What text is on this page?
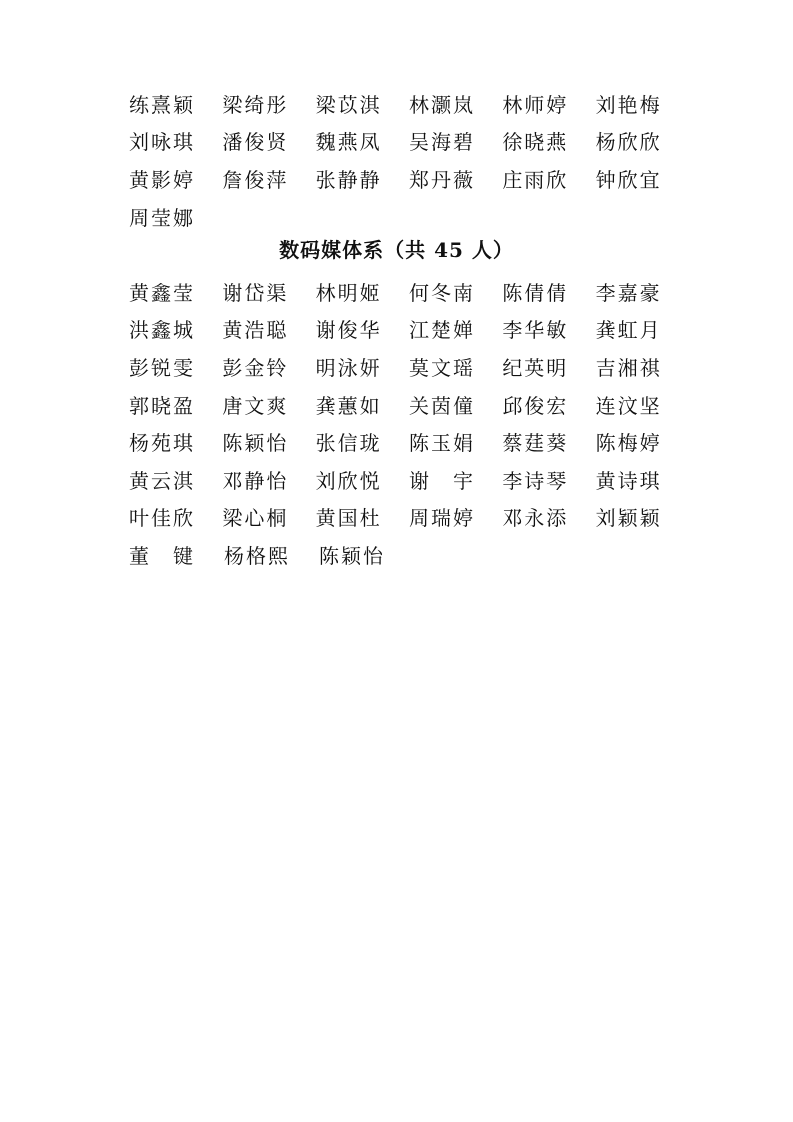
练熹颖	梁绮彤	梁苡淇	林灏岚	林师婷	刘艳梅
刘咏琪	潘俊贤	魏燕凤	吴海碧	徐晓燕	杨欣欣
黄影婷	詹俊萍	张静静	郑丹薇	庄雨欣	钟欣宜
周莹娜
数码媒体系（共 45 人）
黄鑫莹	谢岱渠	林明姬	何冬南	陈倩倩	李嘉豪
洪鑫城	黄浩聪	谢俊华	江楚婵	李华敏	龚虹月
彭锐雯	彭金铃	明泳妍	莫文瑶	纪英明	吉湘祺
郭晓盈	唐文爽	龚蕙如	关茵僮	邱俊宏	连汶坚
杨苑琪	陈颖怡	张信珑	陈玉娟	蔡莛葵	陈梅婷
黄云淇	邓静怡	刘欣悦	谢　宇	李诗琴	黄诗琪
叶佳欣	梁心桐	黄国杜	周瑞婷	邓永添	刘颖颖
董　键	杨格熙	陈颖怡
